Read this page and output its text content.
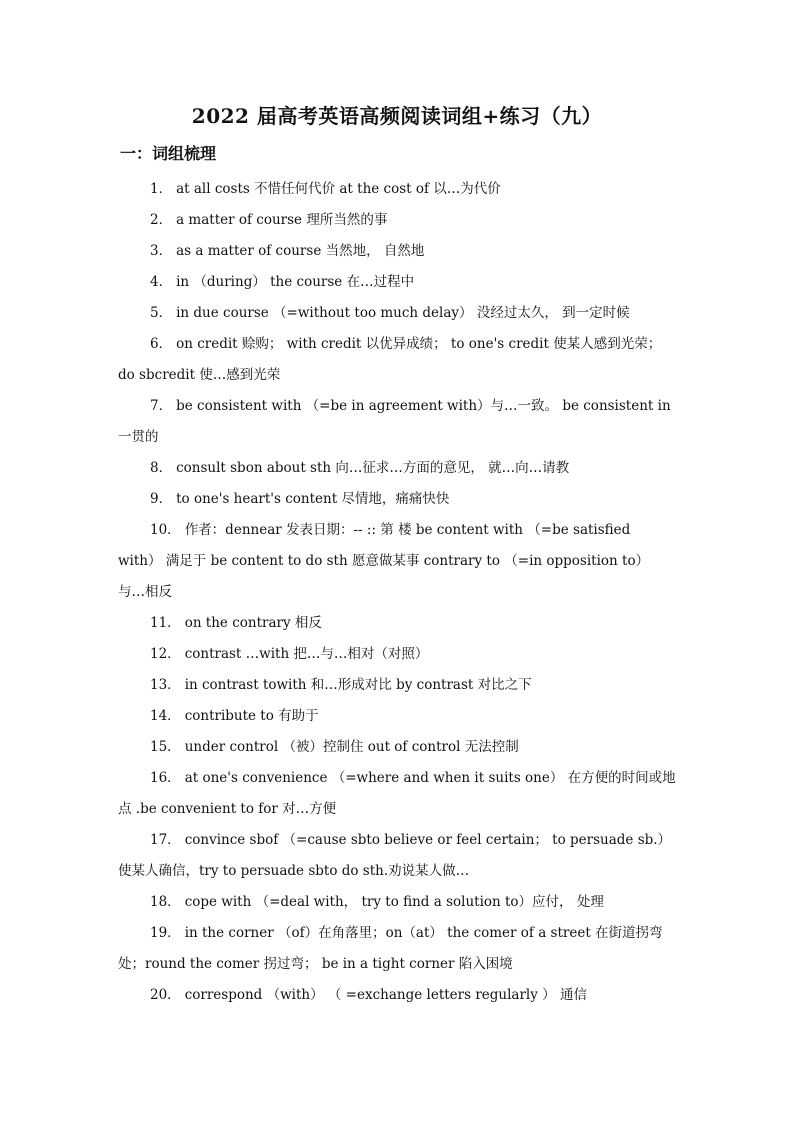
2022 届高考英语高频阅读词组+练习（九）
一：词组梳理

1． at all costs 不惜任何代价 at the cost of 以…为代价

2． a matter of course 理所当然的事

3． as a matter of course 当然地， 自然地

4． in （during） the course 在…过程中

5． in due course （=without too much delay） 没经过太久， 到一定时候

6． on credit 赊购； with credit 以优异成绩； to one's credit 使某人感到光荣；do sbcredit 使…感到光荣

7． be consistent with （=be in agreement with）与…一致。 be consistent in 一贯的

8． consult sbon about sth 向…征求…方面的意见， 就…向…请教

9． to one's heart's content 尽情地，痛痛快快

10． 作者：dennear 发表日期：-- :: 第 楼 be content with （=be satisfied with） 满足于 be content to do sth 愿意做某事 contrary to （=in opposition to）与…相反

11． on the contrary 相反

12． contrast …with 把…与…相对（对照）

13． in contrast towith 和…形成对比 by contrast 对比之下

14． contribute to 有助于

15． under control （被）控制住 out of control 无法控制

16． at one's convenience （=where and when it suits one） 在方便的时间或地点 .be convenient to for 对…方便

17． convince sbof （=cause sbto believe or feel certain； to persuade sb.）使某人确信，try to persuade sbto do sth.劝说某人做…

18． cope with （=deal with， try to find a solution to）应付， 处理

19． in the corner （of）在角落里；on（at） the comer of a street 在街道拐弯处；round the comer 拐过弯； be in a tight corner 陷入困境

20． correspond （with） （ =exchange letters regularly ） 通信
